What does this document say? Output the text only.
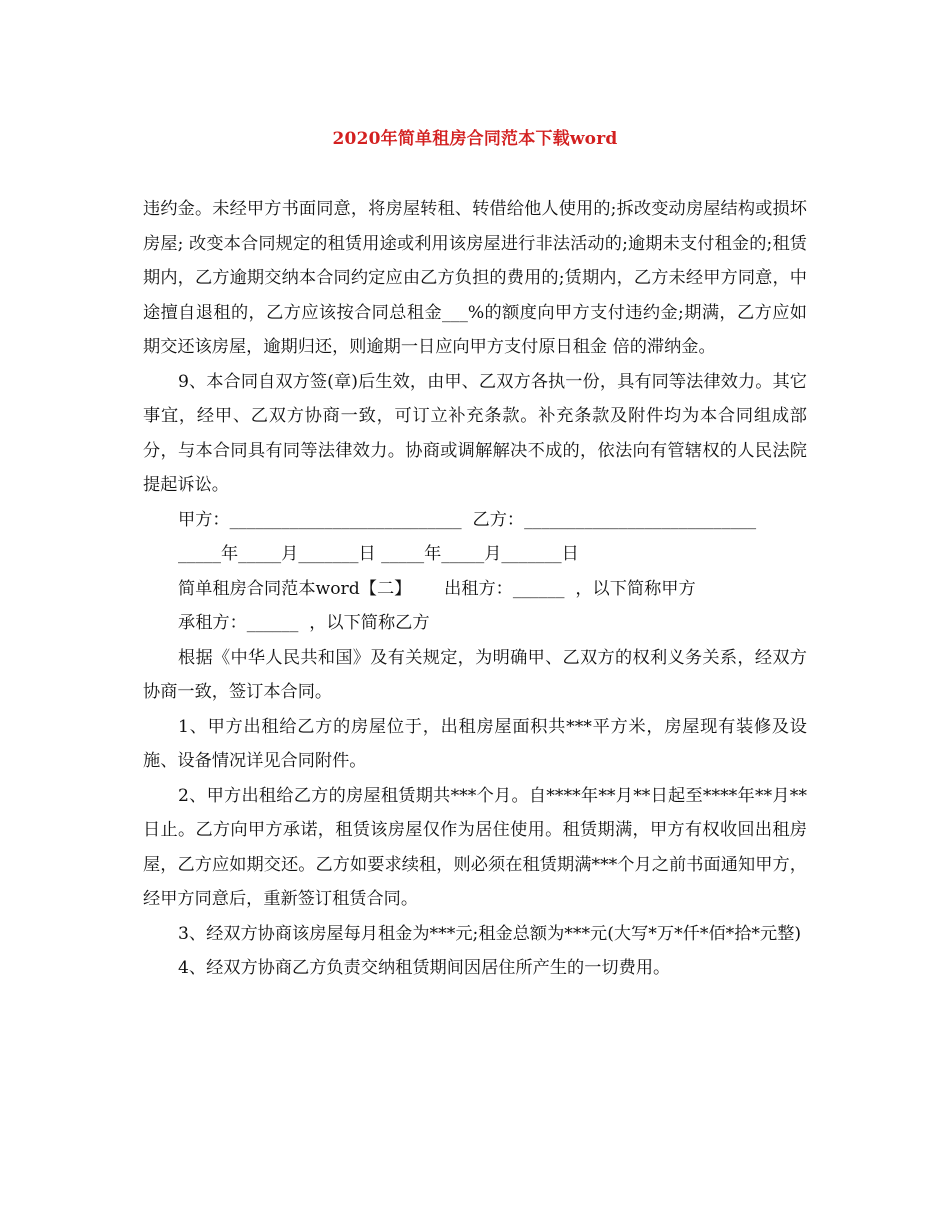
2020年简单租房合同范本下载word

违约金。未经甲方书面同意，将房屋转租、转借给他人使用的;拆改变动房屋结构或损坏房屋; 改变本合同规定的租赁用途或利用该房屋进行非法活动的;逾期未支付租金的;租赁期内，乙方逾期交纳本合同约定应由乙方负担的费用的;赁期内，乙方未经甲方同意，中途擅自退租的，乙方应该按合同总租金___%的额度向甲方支付违约金;期满，乙方应如期交还该房屋，逾期归还，则逾期一日应向甲方支付原日租金 倍的滞纳金。

9、本合同自双方签(章)后生效，由甲、乙双方各执一份，具有同等法律效力。其它事宜，经甲、乙双方协商一致，可订立补充条款。补充条款及附件均为本合同组成部分，与本合同具有同等法律效力。协商或调解解决不成的，依法向有管辖权的人民法院提起诉讼。

甲方：___________________________  乙方：___________________________
_____年_____月_______日 _____年_____月_______日
简单租房合同范本word【二】      出租方：______  ，以下简称甲方
承租方：______  ，以下简称乙方

根据《中华人民共和国》及有关规定，为明确甲、乙双方的权利义务关系，经双方协商一致，签订本合同。

1、甲方出租给乙方的房屋位于，出租房屋面积共***平方米，房屋现有装修及设施、设备情况详见合同附件。

2、甲方出租给乙方的房屋租赁期共***个月。自****年**月**日起至****年**月**日止。乙方向甲方承诺，租赁该房屋仅作为居住使用。租赁期满，甲方有权收回出租房屋，乙方应如期交还。乙方如要求续租，则必须在租赁期满***个月之前书面通知甲方，经甲方同意后，重新签订租赁合同。

3、经双方协商该房屋每月租金为***元;租金总额为***元(大写*万*仟*佰*拾*元整)

4、经双方协商乙方负责交纳租赁期间因居住所产生的一切费用。
